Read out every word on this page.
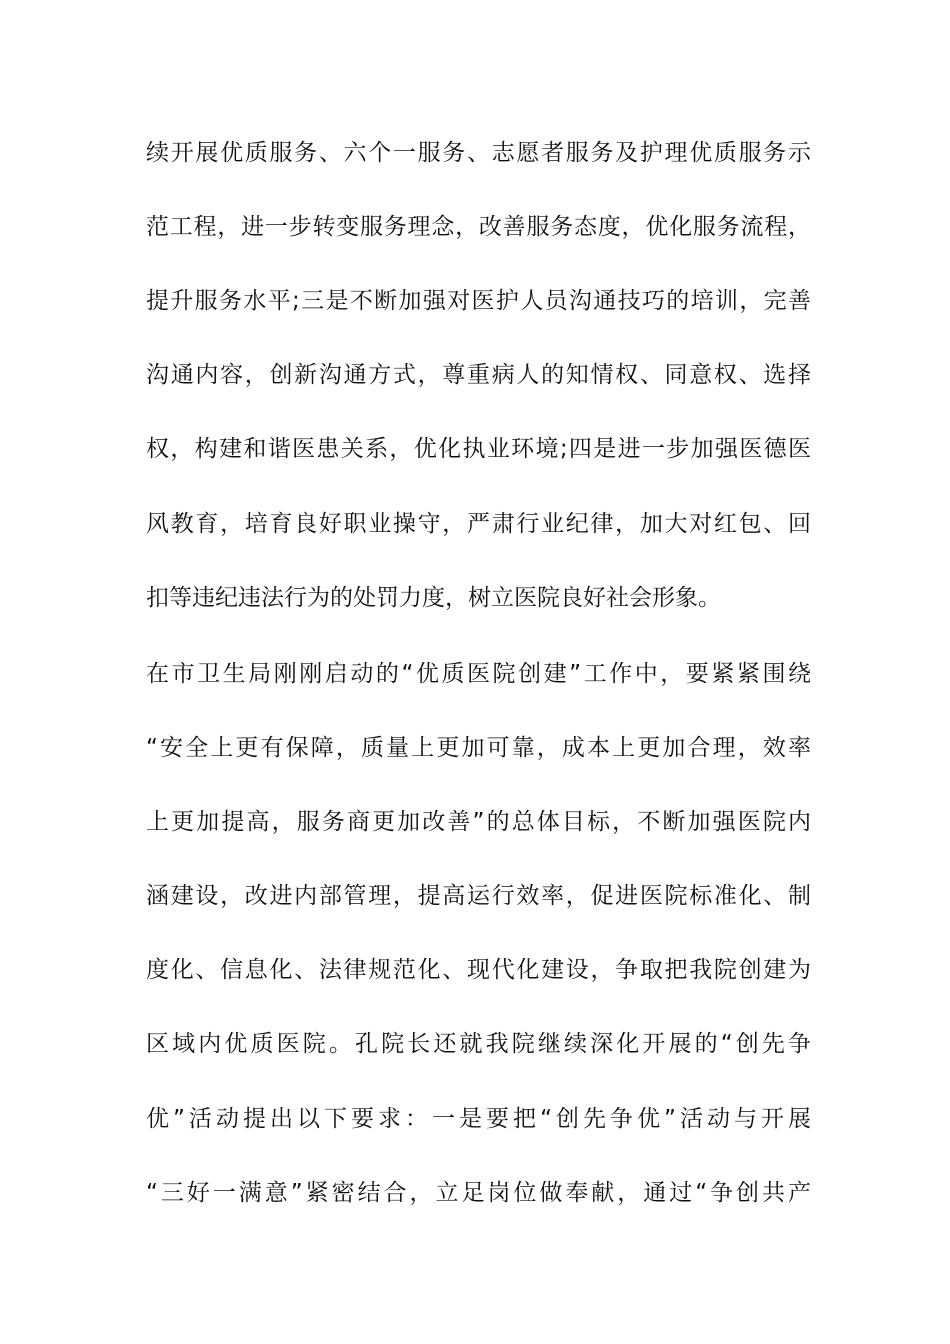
续开展优质服务、六个一服务、志愿者服务及护理优质服务示
范工程，进一步转变服务理念，改善服务态度，优化服务流程，
提升服务水平;三是不断加强对医护人员沟通技巧的培训，完善
沟通内容，创新沟通方式，尊重病人的知情权、同意权、选择
权，构建和谐医患关系，优化执业环境;四是进一步加强医德医
风教育，培育良好职业操守，严肃行业纪律，加大对红包、回
扣等违纪违法行为的处罚力度，树立医院良好社会形象。
在市卫生局刚刚启动的“优质医院创建”工作中，要紧紧围绕
“安全上更有保障，质量上更加可靠，成本上更加合理，效率
上更加提高，服务商更加改善”的总体目标，不断加强医院内
涵建设，改进内部管理，提高运行效率，促进医院标准化、制
度化、信息化、法律规范化、现代化建设，争取把我院创建为
区域内优质医院。孔院长还就我院继续深化开展的“创先争
优”活动提出以下要求：一是要把“创先争优”活动与开展
“三好一满意”紧密结合，立足岗位做奉献，通过“争创共产
